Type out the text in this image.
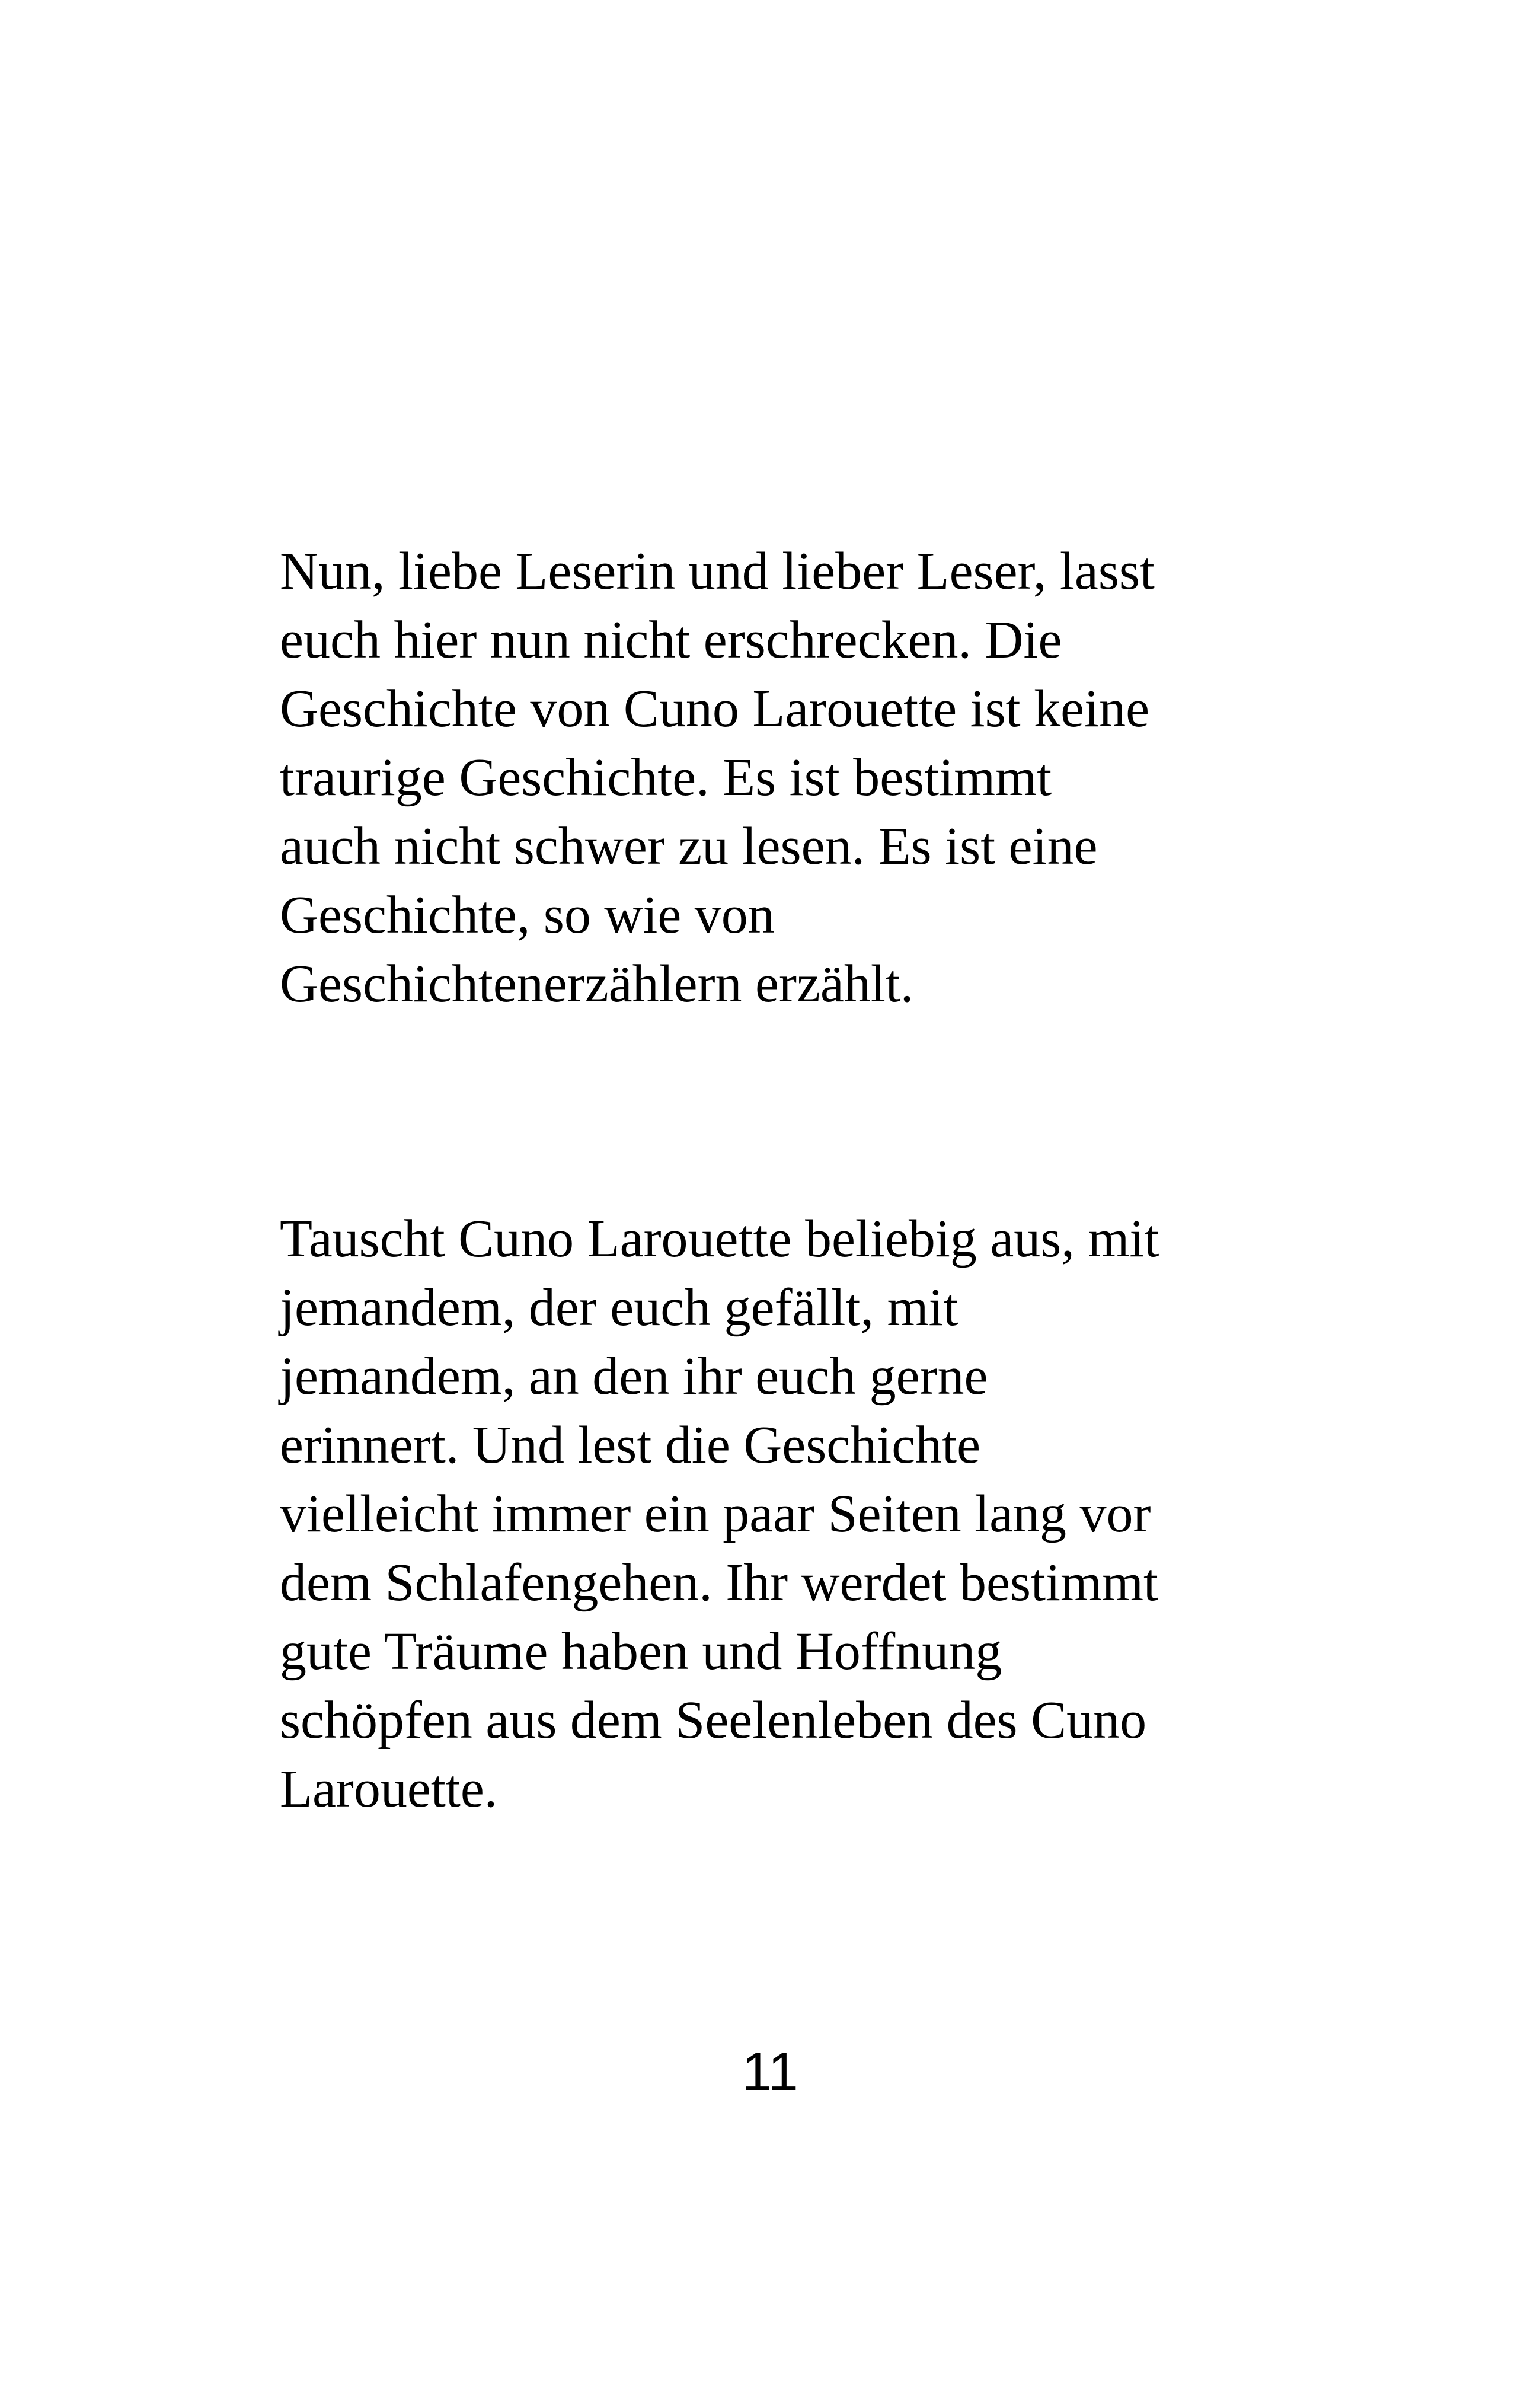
Nun, liebe Leserin und lieber Leser, lasst
euch hier nun nicht erschrecken. Die
Geschichte von Cuno Larouette ist keine
traurige Geschichte. Es ist bestimmt
auch nicht schwer zu lesen. Es ist eine
Geschichte, so wie von
Geschichtenerzählern erzählt.

Tauscht Cuno Larouette beliebig aus, mit
jemandem, der euch gefällt, mit
jemandem, an den ihr euch gerne
erinnert. Und lest die Geschichte
vielleicht immer ein paar Seiten lang vor
dem Schlafengehen. Ihr werdet bestimmt
gute Träume haben und Hoffnung
schöpfen aus dem Seelenleben des Cuno
Larouette.

11
